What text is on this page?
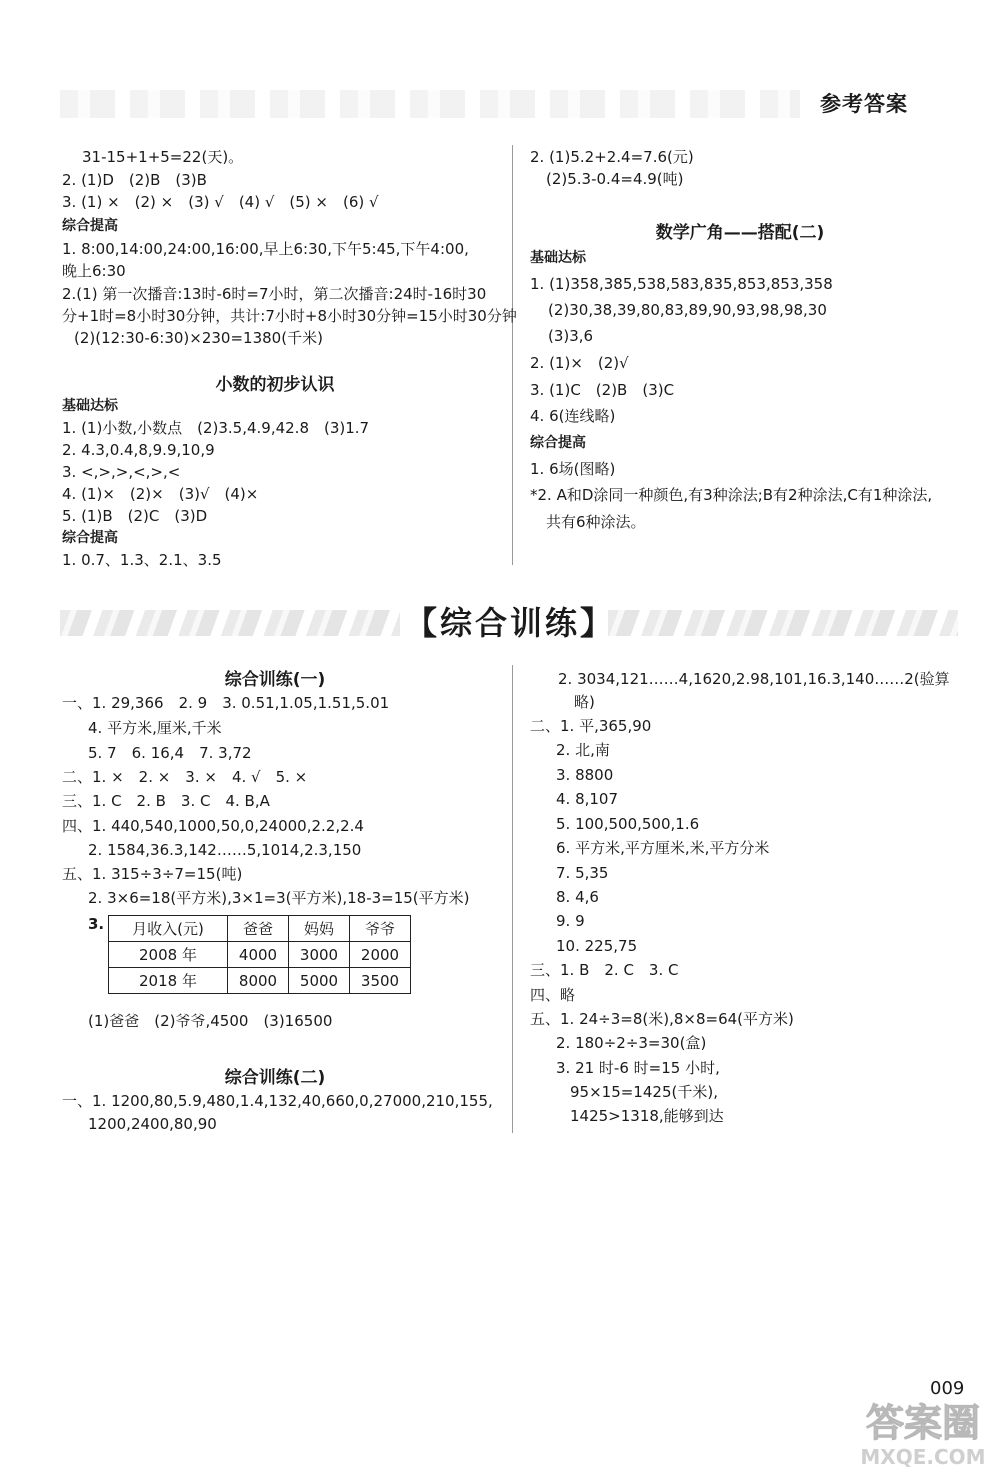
参考答案
31-15+1+5=22(天)。
2. (1)D　(2)B　(3)B
3. (1) ×　(2) ×　(3) √　(4) √　(5) ×　(6) √
综合提高
1. 8:00,14:00,24:00,16:00,早上6:30,下午5:45,下午4:00,
晚上6:30
2.(1) 第一次播音:13时-6时=7小时，第二次播音:24时-16时30
分+1时=8小时30分钟，共计:7小时+8小时30分钟=15小时30分钟
(2)(12:30-6:30)×230=1380(千米)
小数的初步认识
基础达标
1. (1)小数,小数点　(2)3.5,4.9,42.8　(3)1.7
2. 4.3,0.4,8,9.9,10,9
3. <,>,>,<,>,<
4. (1)×　(2)×　(3)√　(4)×
5. (1)B　(2)C　(3)D
综合提高
1. 0.7、1.3、2.1、3.5
2. (1)5.2+2.4=7.6(元)
(2)5.3-0.4=4.9(吨)
数学广角——搭配(二)
基础达标
1. (1)358,385,538,583,835,853,853,358
(2)30,38,39,80,83,89,90,93,98,98,30
(3)3,6
2. (1)×　(2)√
3. (1)C　(2)B　(3)C
4. 6(连线略)
综合提高
1. 6场(图略)
*2. A和D涂同一种颜色,有3种涂法;B有2种涂法,C有1种涂法,
共有6种涂法。
【综合训练】
综合训练(一)
一、1. 29,366　2. 9　3. 0.51,1.05,1.51,5.01
4. 平方米,厘米,千米
5. 7　6. 16,4　7. 3,72
二、1. ×　2. ×　3. ×　4. √　5. ×
三、1. C　2. B　3. C　4. B,A
四、1. 440,540,1000,50,0,24000,2.2,2.4
2. 1584,36.3,142……5,1014,2.3,150
五、1. 315÷3÷7=15(吨)
2. 3×6=18(平方米),3×1=3(平方米),18-3=15(平方米)
3. 月收入(元)	爸爸	妈妈	爷爷
2008 年	4000	3000	2000
2018 年	8000	5000	3500
(1)爸爸　(2)爷爷,4500　(3)16500
综合训练(二)
一、1. 1200,80,5.9,480,1.4,132,40,660,0,27000,210,155,
1200,2400,80,90
2. 3034,121……4,1620,2.98,101,16.3,140……2(验算
略)
二、1. 平,365,90
2. 北,南
3. 8800
4. 8,107
5. 100,500,500,1.6
6. 平方米,平方厘米,米,平方分米
7. 5,35
8. 4,6
9. 9
10. 225,75
三、1. B　2. C　3. C
四、略
五、1. 24÷3=8(米),8×8=64(平方米)
2. 180÷2÷3=30(盒)
3. 21 时-6 时=15 小时,
95×15=1425(千米),
1425>1318,能够到达
009
答案圈
MXQE.COM
